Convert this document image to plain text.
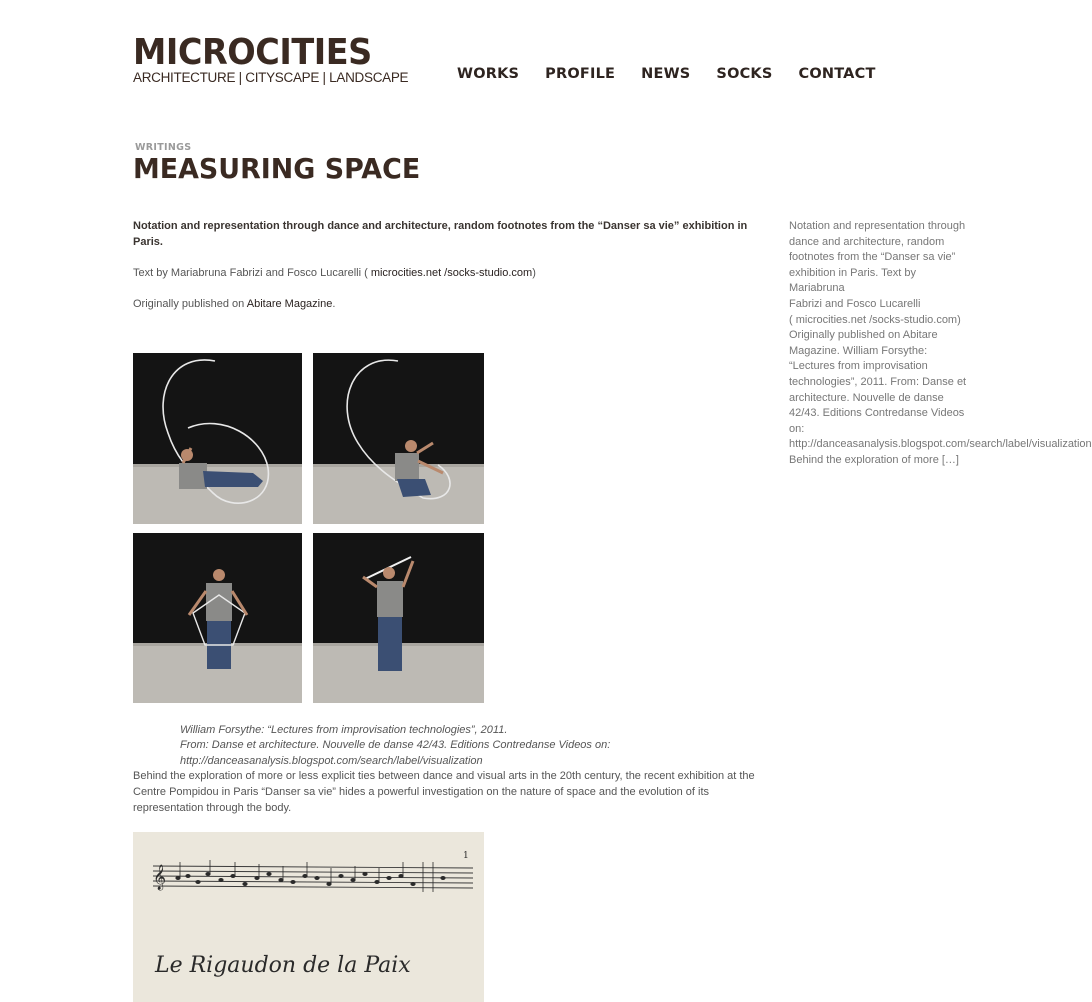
MICROCITIES
ARCHITECTURE | CITYSCAPE | LANDSCAPE	WORKS PROFILE NEWS SOCKS CONTACT
WRITINGS
MEASURING SPACE

Notation and representation through dance and architecture, random footnotes from the “Danser sa vie” exhibition in Paris.

Text by Mariabruna Fabrizi and Fosco Lucarelli ( microcities.net /socks-studio.com)

Originally published on Abitare Magazine.

William Forsythe: “Lectures from improvisation technologies”, 2011.
From: Danse et architecture. Nouvelle de danse 42/43. Editions Contredanse Videos on:
http://danceasanalysis.blogspot.com/search/label/visualization

Behind the exploration of more or less explicit ties between dance and visual arts in the 20th century, the recent exhibition at the Centre Pompidou in Paris “Danser sa vie” hides a powerful investigation on the nature of space and the evolution of its representation through the body.

𝄞
1
Le Rigaudon de la Paix
Notation and representation through
dance and architecture, random
footnotes from the “Danser sa vie”
exhibition in Paris. Text by Mariabruna
Fabrizi and Fosco Lucarelli
( microcities.net /socks-studio.com)
Originally published on Abitare
Magazine. William Forsythe:
“Lectures from improvisation
technologies”, 2011. From: Danse et
architecture. Nouvelle de danse
42/43. Editions Contredanse Videos
on:
http://danceasanalysis.blogspot.com/search/label/visualization
Behind the exploration of more […]
